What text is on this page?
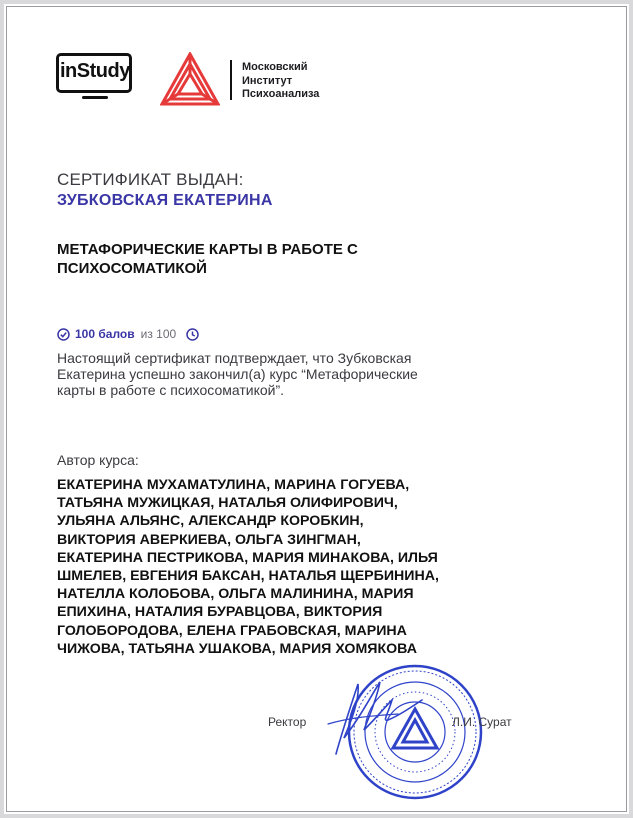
inStudy	Московский
Институт
Психоанализа
СЕРТИФИКАТ ВЫДАН:
ЗУБКОВСКАЯ ЕКАТЕРИНА
МЕТАФОРИЧЕСКИЕ КАРТЫ В РАБОТЕ С
ПСИХОСОМАТИКОЙ
100 балов из 100
Настоящий сертификат подтверждает, что Зубковская
Екатерина успешно закончил(а) курс “Метафорические
карты в работе с психосоматикой”.
Автор курса:
ЕКАТЕРИНА МУХАМАТУЛИНА, МАРИНА ГОГУЕВА,
ТАТЬЯНА МУЖИЦКАЯ, НАТАЛЬЯ ОЛИФИРОВИЧ,
УЛЬЯНА АЛЬЯНС, АЛЕКСАНДР КОРОБКИН,
ВИКТОРИЯ АВЕРКИЕВА, ОЛЬГА ЗИНГМАН,
ЕКАТЕРИНА ПЕСТРИКОВА, МАРИЯ МИНАКОВА, ИЛЬЯ
ШМЕЛЕВ, ЕВГЕНИЯ БАКСАН, НАТАЛЬЯ ЩЕРБИНИНА,
НАТЕЛЛА КОЛОБОВА, ОЛЬГА МАЛИНИНА, МАРИЯ
ЕПИХИНА, НАТАЛИЯ БУРАВЦОВА, ВИКТОРИЯ
ГОЛОБОРОДОВА, ЕЛЕНА ГРАБОВСКАЯ, МАРИНА
ЧИЖОВА, ТАТЬЯНА УШАКОВА, МАРИЯ ХОМЯКОВА
Ректор	Л.И. Сурат
